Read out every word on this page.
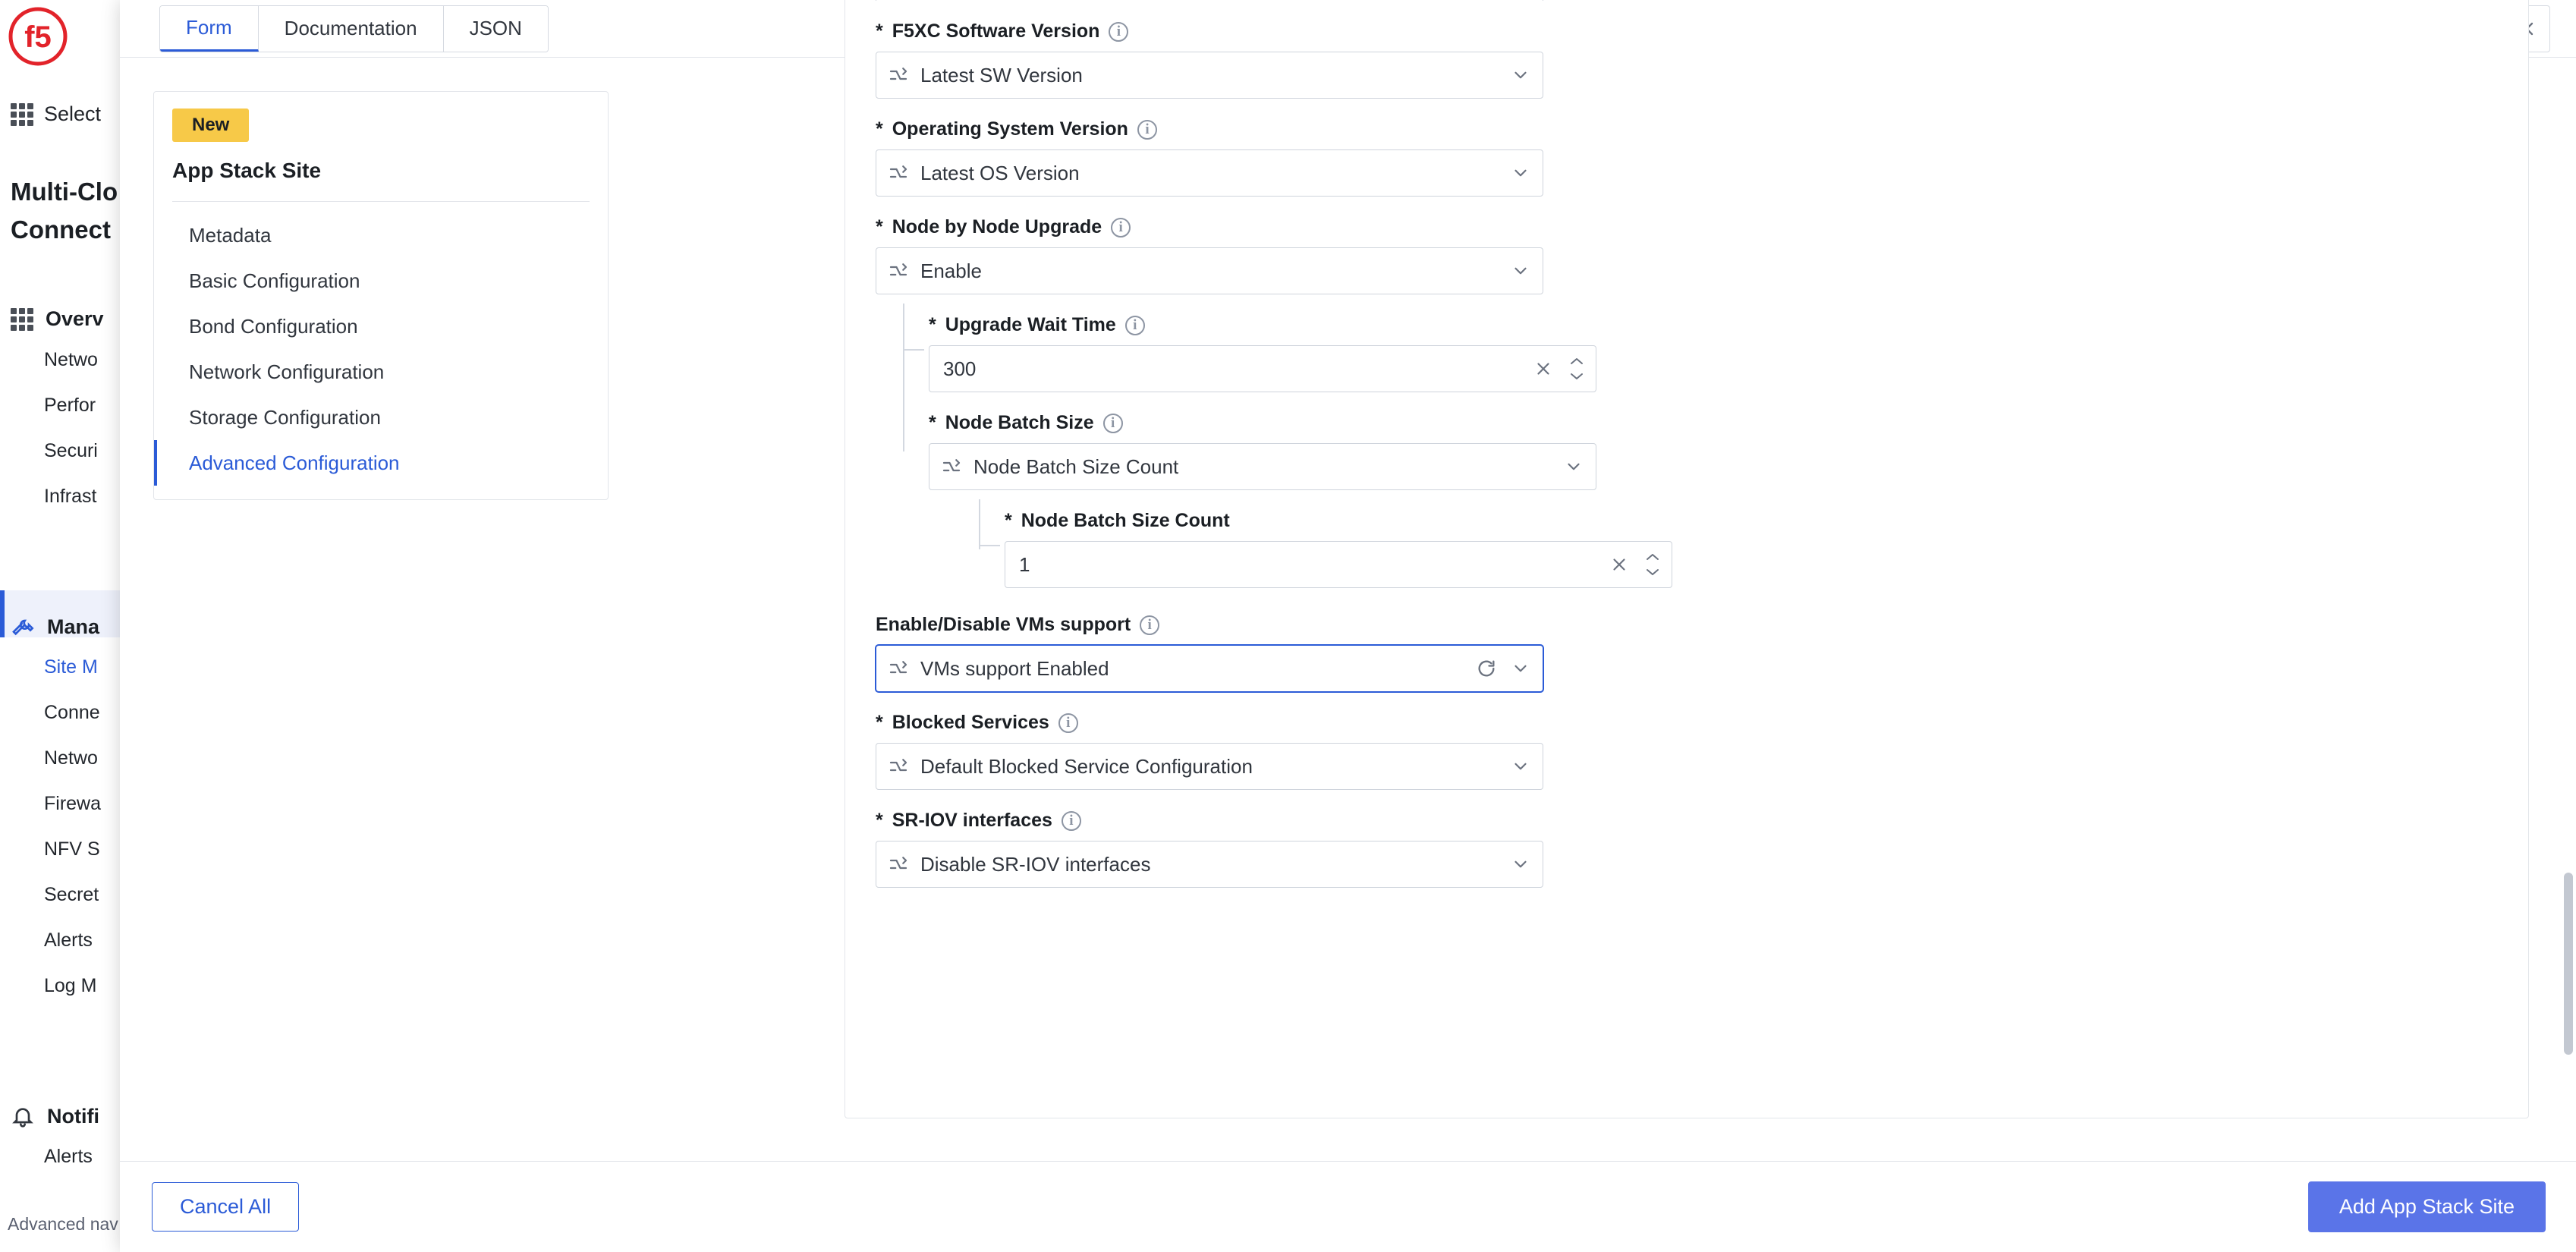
f5
Select
Multi-Clo
Connect
Overv
Netwo
Perfor
Securi
Infrast
Mana
Site M
Conne
Netwo
Firewa
NFV S
Secret
Alerts
Log M
Notifi
Alerts
Advanced nav
Form	Documentation	JSON
Search
New
App Stack Site
Metadata
Basic Configuration
Bond Configuration
Network Configuration
Storage Configuration
Advanced Configuration
* F5XC Software Version	i
Latest SW Version
* Operating System Version	i
Latest OS Version
* Node by Node Upgrade	i
Enable
* Upgrade Wait Time	i
300
* Node Batch Size	i
Node Batch Size Count
* Node Batch Size Count
1
Enable/Disable VMs support	i
VMs support Enabled
* Blocked Services	i
Default Blocked Service Configuration
* SR-IOV interfaces	i
Disable SR-IOV interfaces
Cancel All	Add App Stack Site
